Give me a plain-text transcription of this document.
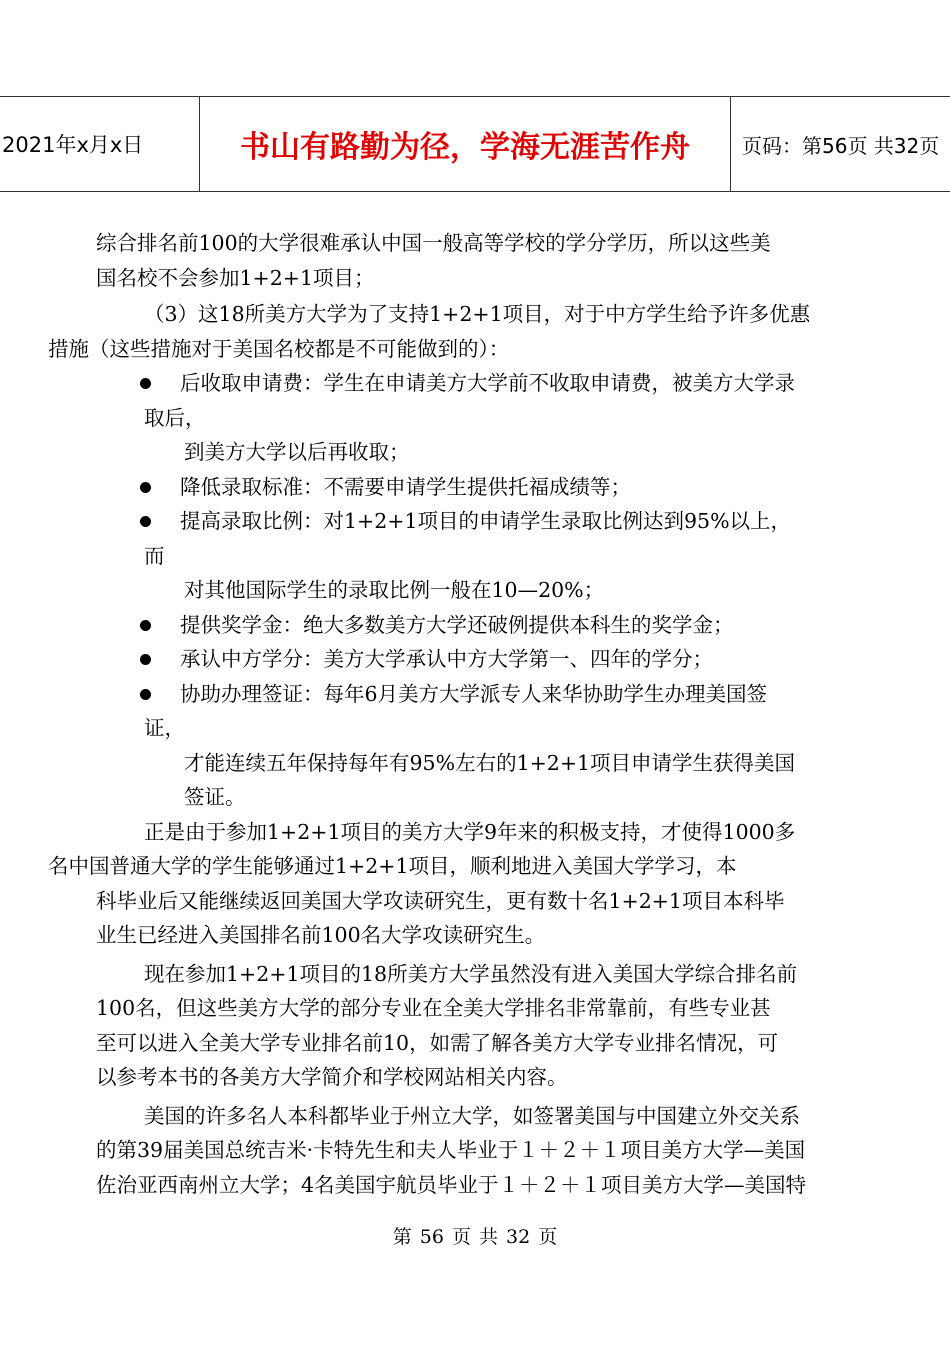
2021年x月x日	书山有路勤为径，学海无涯苦作舟	页码：第56页 共32页

综合排名前100的大学很难承认中国一般高等学校的学分学历，所以这些美
国名校不会参加1+2+1项目；

（3）这18所美方大学为了支持1+2+1项目，对于中方学生给予许多优惠
措施（这些措施对于美国名校都是不可能做到的）：

后收取申请费：学生在申请美方大学前不收取申请费，被美方大学录
取后，
到美方大学以后再收取；
降低录取标准：不需要申请学生提供托福成绩等；
提高录取比例：对1+2+1项目的申请学生录取比例达到95%以上，
而
对其他国际学生的录取比例一般在10—20%；
提供奖学金：绝大多数美方大学还破例提供本科生的奖学金；
承认中方学分：美方大学承认中方大学第一、四年的学分；
协助办理签证：每年6月美方大学派专人来华协助学生办理美国签
证，
才能连续五年保持每年有95%左右的1+2+1项目申请学生获得美国
签证。

正是由于参加1+2+1项目的美方大学9年来的积极支持，才使得1000多
名中国普通大学的学生能够通过1+2+1项目，顺利地进入美国大学学习，本
科毕业后又能继续返回美国大学攻读研究生，更有数十名1+2+1项目本科毕
业生已经进入美国排名前100名大学攻读研究生。

现在参加1+2+1项目的18所美方大学虽然没有进入美国大学综合排名前
100名，但这些美方大学的部分专业在全美大学排名非常靠前，有些专业甚
至可以进入全美大学专业排名前10，如需了解各美方大学专业排名情况，可
以参考本书的各美方大学简介和学校网站相关内容。

美国的许多名人本科都毕业于州立大学，如签署美国与中国建立外交关系
的第39届美国总统吉米·卡特先生和夫人毕业于１＋２＋１项目美方大学—美国
佐治亚西南州立大学；4名美国宇航员毕业于１＋２＋１项目美方大学—美国特

第 56 页 共 32 页
